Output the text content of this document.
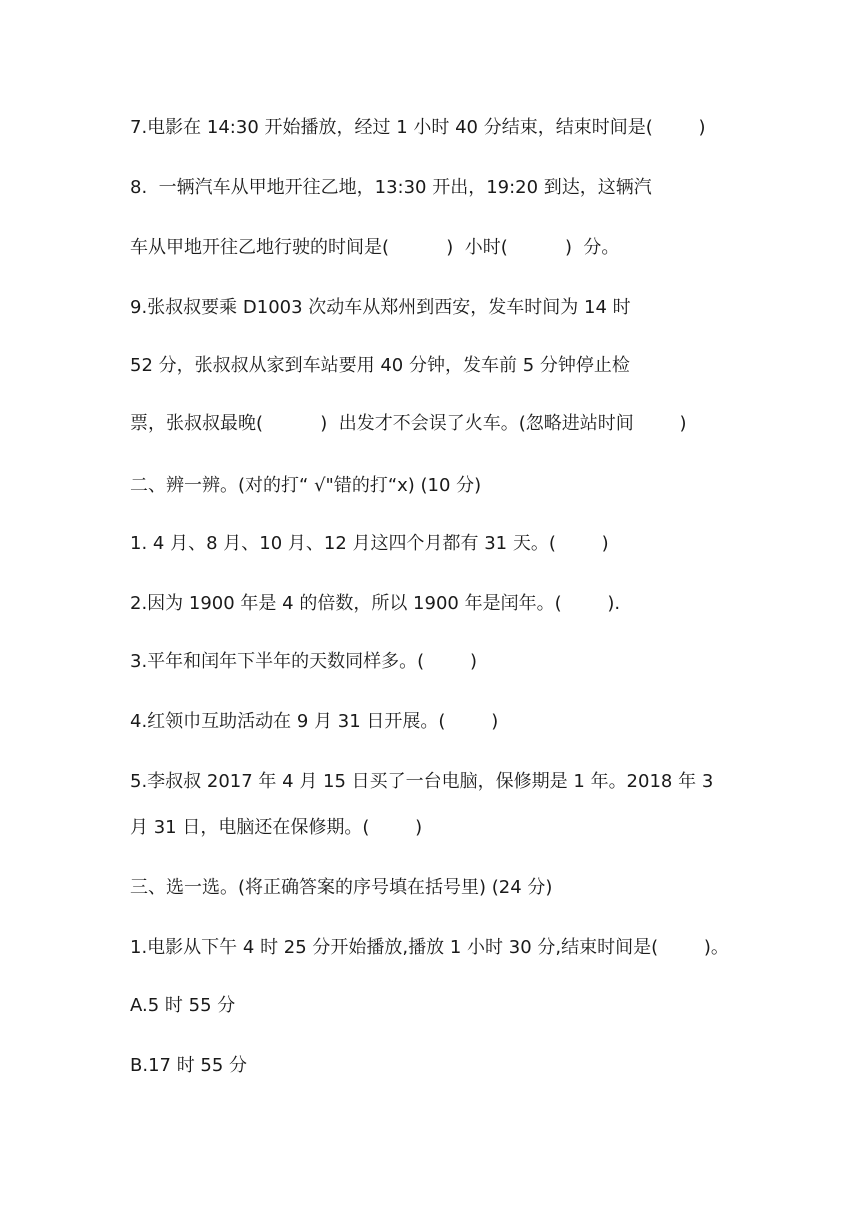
7.电影在 14:30 开始播放，经过 1 小时 40 分结束，结束时间是(        )
8.  一辆汽车从甲地开往乙地，13:30 开出，19:20 到达，这辆汽
车从甲地开往乙地行驶的时间是(          )  小时(          )  分。
9.张叔叔要乘 D1003 次动车从郑州到西安，发车时间为 14 时
52 分，张叔叔从家到车站要用 40 分钟，发车前 5 分钟停止检
票，张叔叔最晚(          )  出发才不会误了火车。(忽略进站时间        )
二、辨一辨。(对的打“ √"错的打“x) (10 分)
1. 4 月、8 月、10 月、12 月这四个月都有 31 天。(        )
2.因为 1900 年是 4 的倍数，所以 1900 年是闰年。(        ).
3.平年和闰年下半年的天数同样多。(        )
4.红领巾互助活动在 9 月 31 日开展。(        )
5.李叔叔 2017 年 4 月 15 日买了一台电脑，保修期是 1 年。2018 年 3
月 31 日，电脑还在保修期。(        )
三、选一选。(将正确答案的序号填在括号里) (24 分)
1.电影从下午 4 时 25 分开始播放,播放 1 小时 30 分,结束时间是(        )。
A.5 时 55 分
B.17 时 55 分
